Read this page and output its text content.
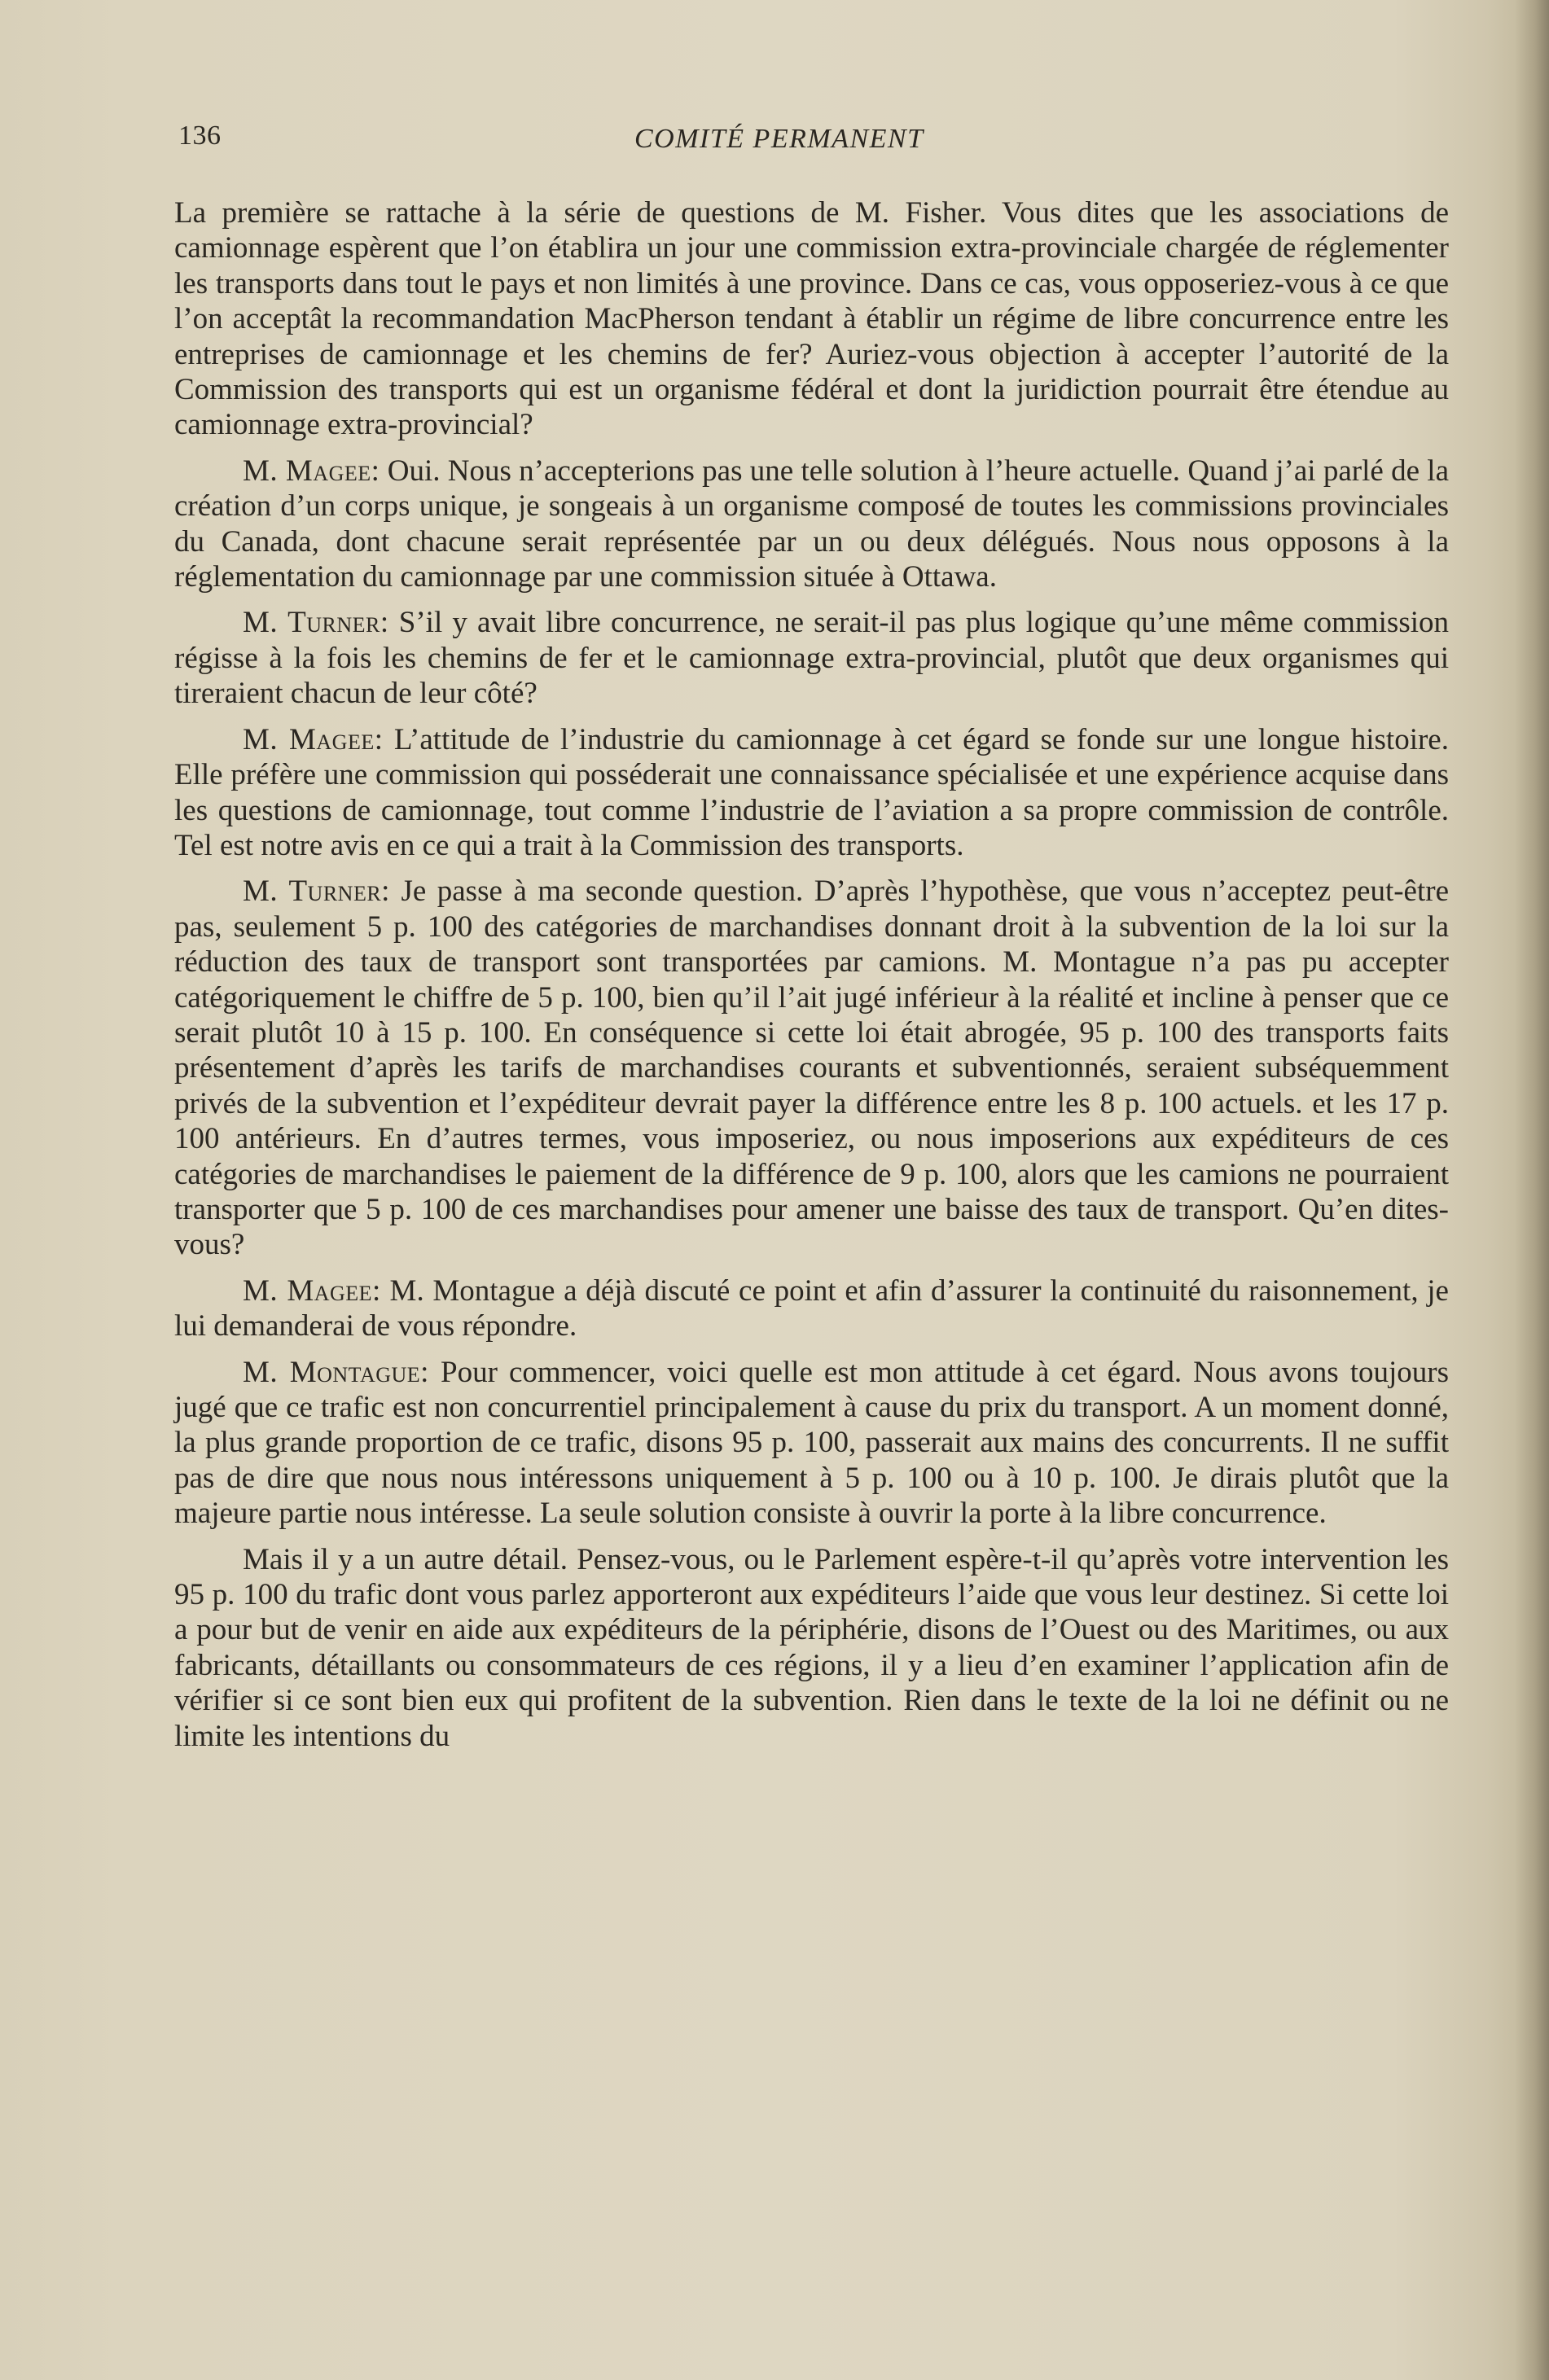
136	COMITÉ PERMANENT

La première se rattache à la série de questions de M. Fisher. Vous dites que les associations de camionnage espèrent que l’on établira un jour une commission extra-provinciale chargée de réglementer les transports dans tout le pays et non limités à une province. Dans ce cas, vous opposeriez-vous à ce que l’on acceptât la recommandation MacPherson tendant à établir un régime de libre concurrence entre les entreprises de camionnage et les chemins de fer? Auriez-vous objection à accepter l’autorité de la Commission des transports qui est un organisme fédéral et dont la juridiction pourrait être étendue au camionnage extra-provincial?

M. Magee: Oui. Nous n’accepterions pas une telle solution à l’heure actuelle. Quand j’ai parlé de la création d’un corps unique, je songeais à un organisme composé de toutes les commissions provinciales du Canada, dont chacune serait représentée par un ou deux délégués. Nous nous opposons à la réglementation du camionnage par une commission située à Ottawa.

M. Turner: S’il y avait libre concurrence, ne serait-il pas plus logique qu’une même commission régisse à la fois les chemins de fer et le camionnage extra-provincial, plutôt que deux organismes qui tireraient chacun de leur côté?

M. Magee: L’attitude de l’industrie du camionnage à cet égard se fonde sur une longue histoire. Elle préfère une commission qui posséderait une connaissance spécialisée et une expérience acquise dans les questions de camionnage, tout comme l’industrie de l’aviation a sa propre commission de contrôle. Tel est notre avis en ce qui a trait à la Commission des transports.

M. Turner: Je passe à ma seconde question. D’après l’hypothèse, que vous n’acceptez peut-être pas, seulement 5 p. 100 des catégories de marchandises donnant droit à la subvention de la loi sur la réduction des taux de transport sont transportées par camions. M. Montague n’a pas pu accepter catégoriquement le chiffre de 5 p. 100, bien qu’il l’ait jugé inférieur à la réalité et incline à penser que ce serait plutôt 10 à 15 p. 100. En conséquence si cette loi était abrogée, 95 p. 100 des transports faits présentement d’après les tarifs de marchandises courants et subventionnés, seraient subséquemment privés de la subvention et l’expéditeur devrait payer la différence entre les 8 p. 100 actuels. et les 17 p. 100 antérieurs. En d’autres termes, vous imposeriez, ou nous imposerions aux expéditeurs de ces catégories de marchandises le paiement de la différence de 9 p. 100, alors que les camions ne pourraient transporter que 5 p. 100 de ces marchandises pour amener une baisse des taux de transport. Qu’en dites-vous?

M. Magee: M. Montague a déjà discuté ce point et afin d’assurer la continuité du raisonnement, je lui demanderai de vous répondre.

M. Montague: Pour commencer, voici quelle est mon attitude à cet égard. Nous avons toujours jugé que ce trafic est non concurrentiel principalement à cause du prix du transport. A un moment donné, la plus grande proportion de ce trafic, disons 95 p. 100, passerait aux mains des concurrents. Il ne suffit pas de dire que nous nous intéressons uniquement à 5 p. 100 ou à 10 p. 100. Je dirais plutôt que la majeure partie nous intéresse. La seule solution consiste à ouvrir la porte à la libre concurrence.

Mais il y a un autre détail. Pensez-vous, ou le Parlement espère-t-il qu’après votre intervention les 95 p. 100 du trafic dont vous parlez apporteront aux expéditeurs l’aide que vous leur destinez. Si cette loi a pour but de venir en aide aux expéditeurs de la périphérie, disons de l’Ouest ou des Maritimes, ou aux fabricants, détaillants ou consommateurs de ces régions, il y a lieu d’en examiner l’application afin de vérifier si ce sont bien eux qui profitent de la subvention. Rien dans le texte de la loi ne définit ou ne limite les intentions du
